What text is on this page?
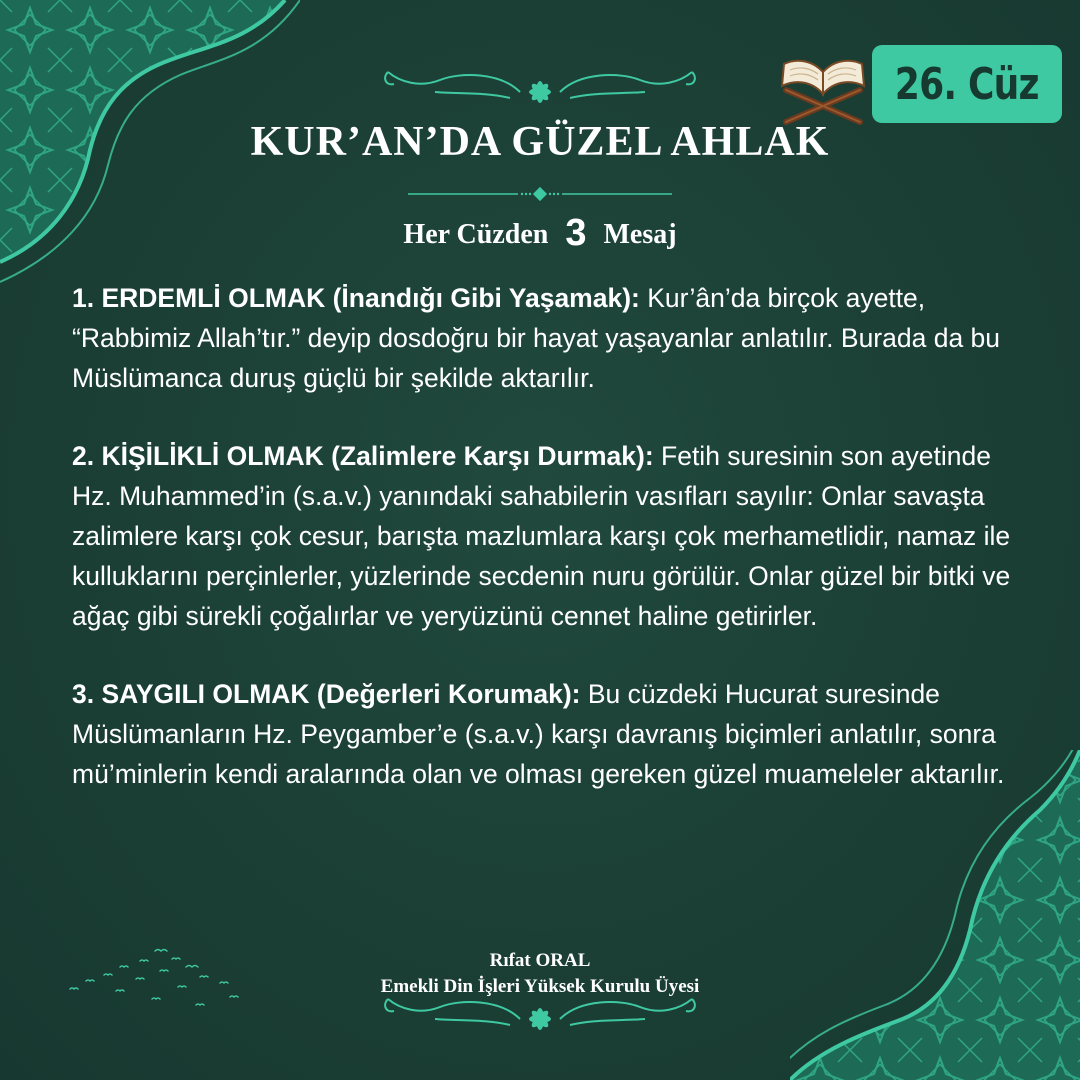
26. Cüz
KUR’AN’DA GÜZEL AHLAK
Her Cüzden 3 Mesaj

1. ERDEMLİ OLMAK (İnandığı Gibi Yaşamak): Kur’ân’da birçok ayette, “Rabbimiz Allah’tır.” deyip dosdoğru bir hayat yaşayanlar anlatılır. Burada da bu Müslümanca duruş güçlü bir şekilde aktarılır.

2. KİŞİLİKLİ OLMAK (Zalimlere Karşı Durmak): Fetih suresinin son ayetinde Hz. Muhammed’in (s.a.v.) yanındaki sahabilerin vasıfları sayılır: Onlar savaşta zalimlere karşı çok cesur, barışta mazlumlara karşı çok merhametlidir, namaz ile kulluklarını perçinlerler, yüzlerinde secdenin nuru görülür. Onlar güzel bir bitki ve ağaç gibi sürekli çoğalırlar ve yeryüzünü cennet haline getirirler.

3. SAYGILI OLMAK (Değerleri Korumak): Bu cüzdeki Hucurat suresinde Müslümanların Hz. Peygamber’e (s.a.v.) karşı davranış biçimleri anlatılır, sonra mü’minlerin kendi aralarında olan ve olması gereken güzel muameleler aktarılır.

Rıfat ORAL
Emekli Din İşleri Yüksek Kurulu Üyesi
